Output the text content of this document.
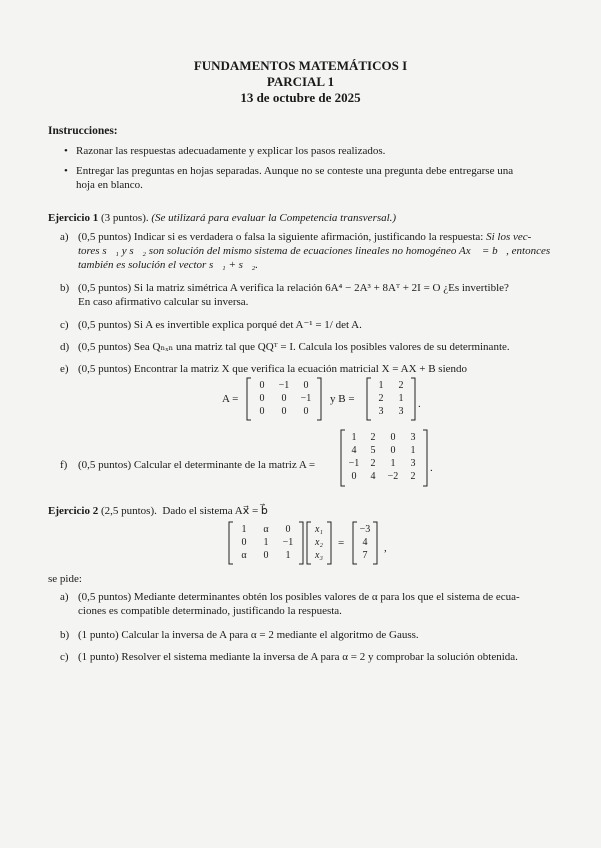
FUNDAMENTOS MATEMÁTICOS I
PARCIAL 1
13 de octubre de 2025
Instrucciones:
• Razonar las respuestas adecuadamente y explicar los pasos realizados.
• Entregar las preguntas en hojas separadas. Aunque no se conteste una pregunta debe entregarse una
hoja en blanco.
Ejercicio 1 (3 puntos). (Se utilizará para evaluar la Competencia transversal.)
a) (0,5 puntos) Indicar si es verdadera o falsa la siguiente afirmación, justificando la respuesta: Si los vec-
tores s⃗₁ y s⃗₂ son solución del mismo sistema de ecuaciones lineales no homogéneo Ax⃗ = b⃗, entonces
también es solución el vector s⃗₁ + s⃗₂.
b) (0,5 puntos) Si la matriz simétrica A verifica la relación 6A⁴ − 2A³ + 8Aᵀ + 2I = O ¿Es invertible?
En caso afirmativo calcular su inversa.
c) (0,5 puntos) Si A es invertible explica porqué det A⁻¹ = 1/ det A.
d) (0,5 puntos) Sea Qₙₓₙ una matriz tal que QQᵀ = I. Calcula los posibles valores de su determinante.
e) (0,5 puntos) Encontrar la matriz X que verifica la ecuación matricial X = AX + B siendo
A =
0	−1	0
0	0	−1
0	0	0
y B =
1	2
2	1
3	3
.
f) (0,5 puntos) Calcular el determinante de la matriz A =
1	2	0	3
4	5	0	1
−1	2	1	3
0	4	−2	2
.
Ejercicio 2 (2,5 puntos). Dado el sistema Ax⃗ = b⃗
1	α	0
0	1	−1
α	0	1
x₁
x₂
x₃
=
−3
4
7
,
se pide:
a) (0,5 puntos) Mediante determinantes obtén los posibles valores de α para los que el sistema de ecua-
ciones es compatible determinado, justificando la respuesta.
b) (1 punto) Calcular la inversa de A para α = 2 mediante el algoritmo de Gauss.
c) (1 punto) Resolver el sistema mediante la inversa de A para α = 2 y comprobar la solución obtenida.
